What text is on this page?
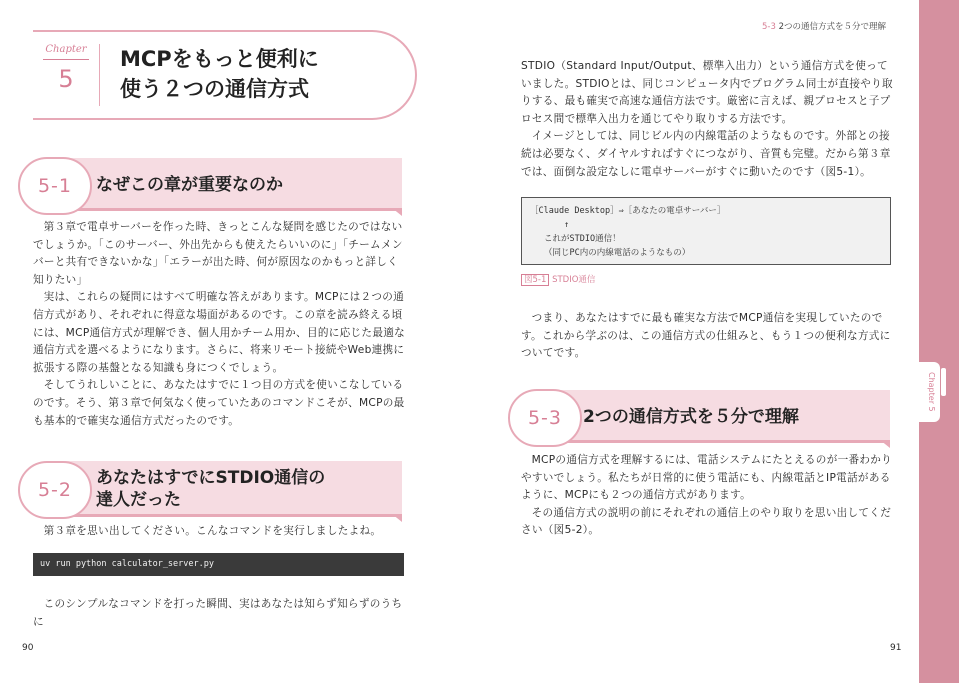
Chapter 5
5-3 2つの通信方式を５分で理解
Chapter
5
MCPをもっと便利に
使う２つの通信方式
5-1	なぜこの章が重要なのか

第３章で電卓サーバーを作った時、きっとこんな疑問を感じたのではないでしょうか。「このサーバー、外出先からも使えたらいいのに」「チームメンバーと共有できないかな」「エラーが出た時、何が原因なのかもっと詳しく知りたい」

実は、これらの疑問にはすべて明確な答えがあります。MCPには２つの通信方式があり、それぞれに得意な場面があるのです。この章を読み終える頃には、MCP通信方式が理解でき、個人用かチーム用か、目的に応じた最適な通信方式を選べるようになります。さらに、将来リモート接続やWeb連携に拡張する際の基盤となる知識も身につくでしょう。

そしてうれしいことに、あなたはすでに１つ目の方式を使いこなしているのです。そう、第３章で何気なく使っていたあのコマンドこそが、MCPの最も基本的で確実な通信方式だったのです。

5-2
あなたはすでにSTDIO通信の
達人だった

第３章を思い出してください。こんなコマンドを実行しましたよね。

uv run python calculator_server.py

このシンプルなコマンドを打った瞬間、実はあなたは知らず知らずのうちに

90

STDIO（Standard Input/Output、標準入出力）という通信方式を使っていました。STDIOとは、同じコンピュータ内でプログラム同士が直接やり取りする、最も確実で高速な通信方法です。厳密に言えば、親プロセスと子プロセス間で標準入出力を通じてやり取りする方法です。

イメージとしては、同じビル内の内線電話のようなものです。外部との接続は必要なく、ダイヤルすればすぐにつながり、音質も完璧。だから第３章では、面倒な設定なしに電卓サーバーがすぐに動いたのです（図5-1）。

［Claude Desktop］⇒［あなたの電卓サーバー］
↑
これがSTDIO通信！
（同じPC内の内線電話のようなもの）
図5-1 STDIO通信

つまり、あなたはすでに最も確実な方法でMCP通信を実現していたのです。これから学ぶのは、この通信方式の仕組みと、もう１つの便利な方式についてです。

5-3	2つの通信方式を５分で理解

MCPの通信方式を理解するには、電話システムにたとえるのが一番わかりやすいでしょう。私たちが日常的に使う電話にも、内線電話とIP電話があるように、MCPにも２つの通信方式があります。

その通信方式の説明の前にそれぞれの通信上のやり取りを思い出してください（図5-2）。

91
